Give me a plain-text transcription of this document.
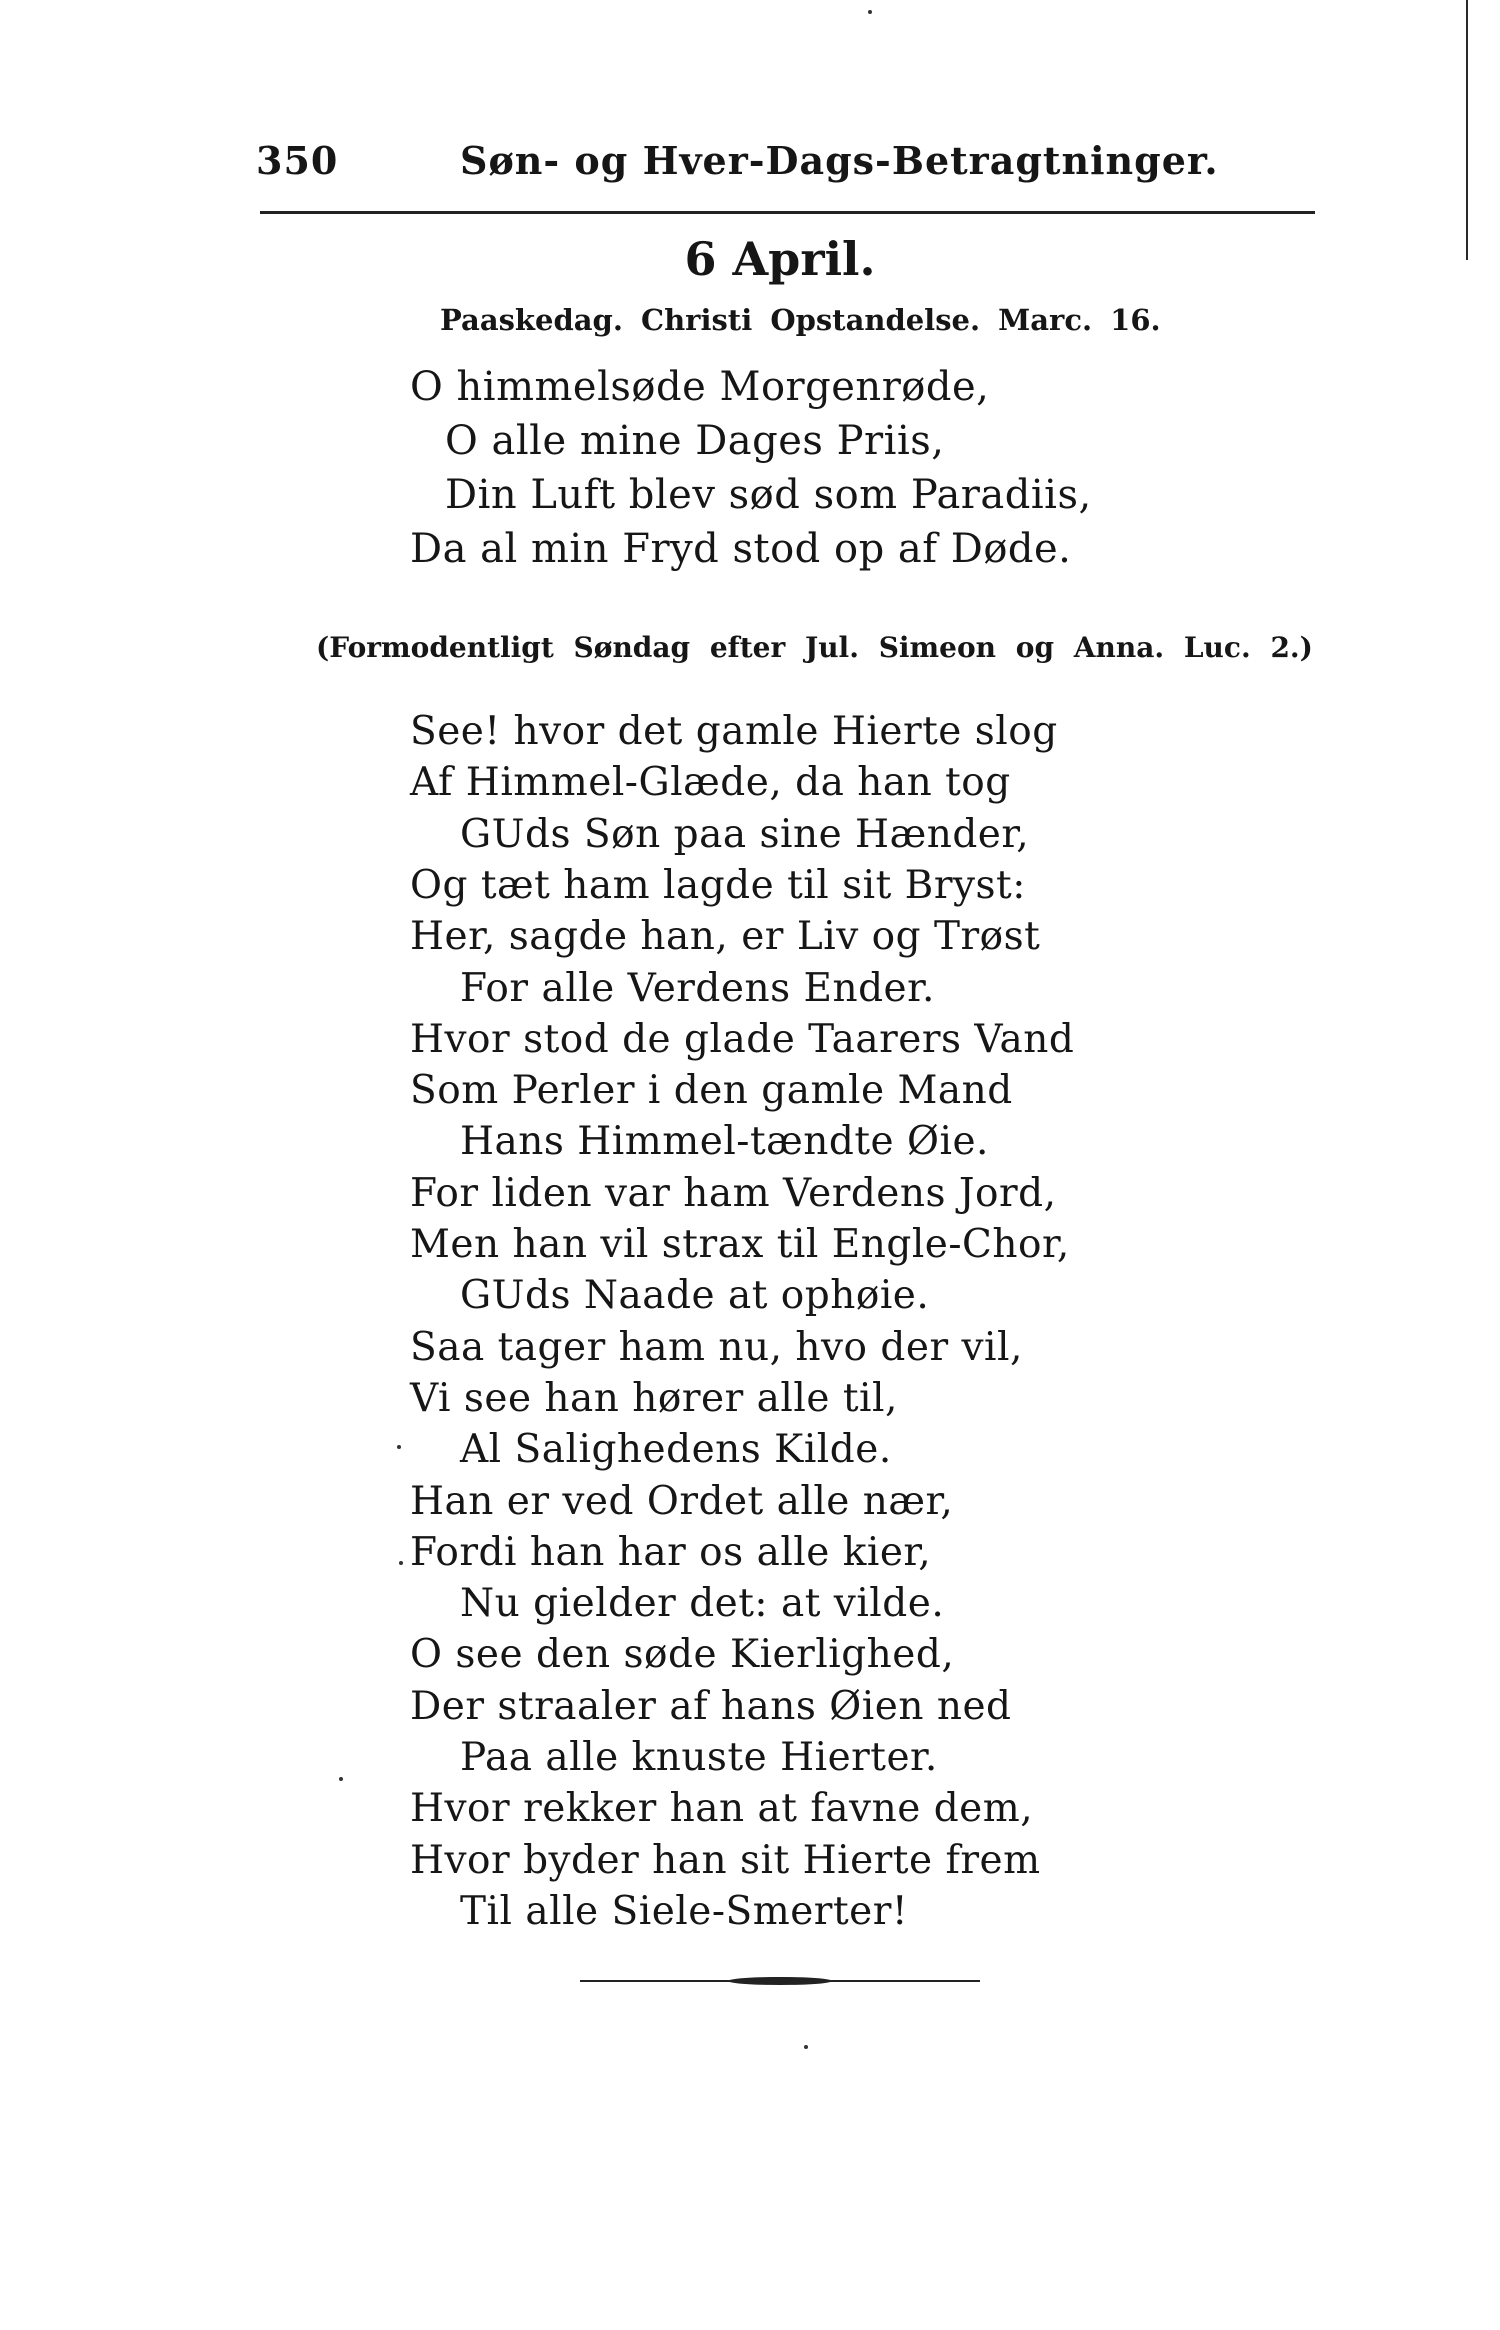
350	Søn- og Hver-Dags-Betragtninger.
6 April.
Paaskedag. Christi Opstandelse. Marc. 16.
O himmelsøde Morgenrøde,
O alle mine Dages Priis,
Din Luft blev sød som Paradiis,
Da al min Fryd stod op af Døde.
(Formodentligt Søndag efter Jul. Simeon og Anna. Luc. 2.)
See! hvor det gamle Hierte slog
Af Himmel-Glæde, da han tog
GUds Søn paa sine Hænder,
Og tæt ham lagde til sit Bryst:
Her, sagde han, er Liv og Trøst
For alle Verdens Ender.
Hvor stod de glade Taarers Vand
Som Perler i den gamle Mand
Hans Himmel-tændte Øie.
For liden var ham Verdens Jord,
Men han vil strax til Engle-Chor,
GUds Naade at ophøie.
Saa tager ham nu, hvo der vil,
Vi see han hører alle til,
Al Salighedens Kilde.
Han er ved Ordet alle nær,
Fordi han har os alle kier,
Nu gielder det: at vilde.
O see den søde Kierlighed,
Der straaler af hans Øien ned
Paa alle knuste Hierter.
Hvor rekker han at favne dem,
Hvor byder han sit Hierte frem
Til alle Siele-Smerter!
